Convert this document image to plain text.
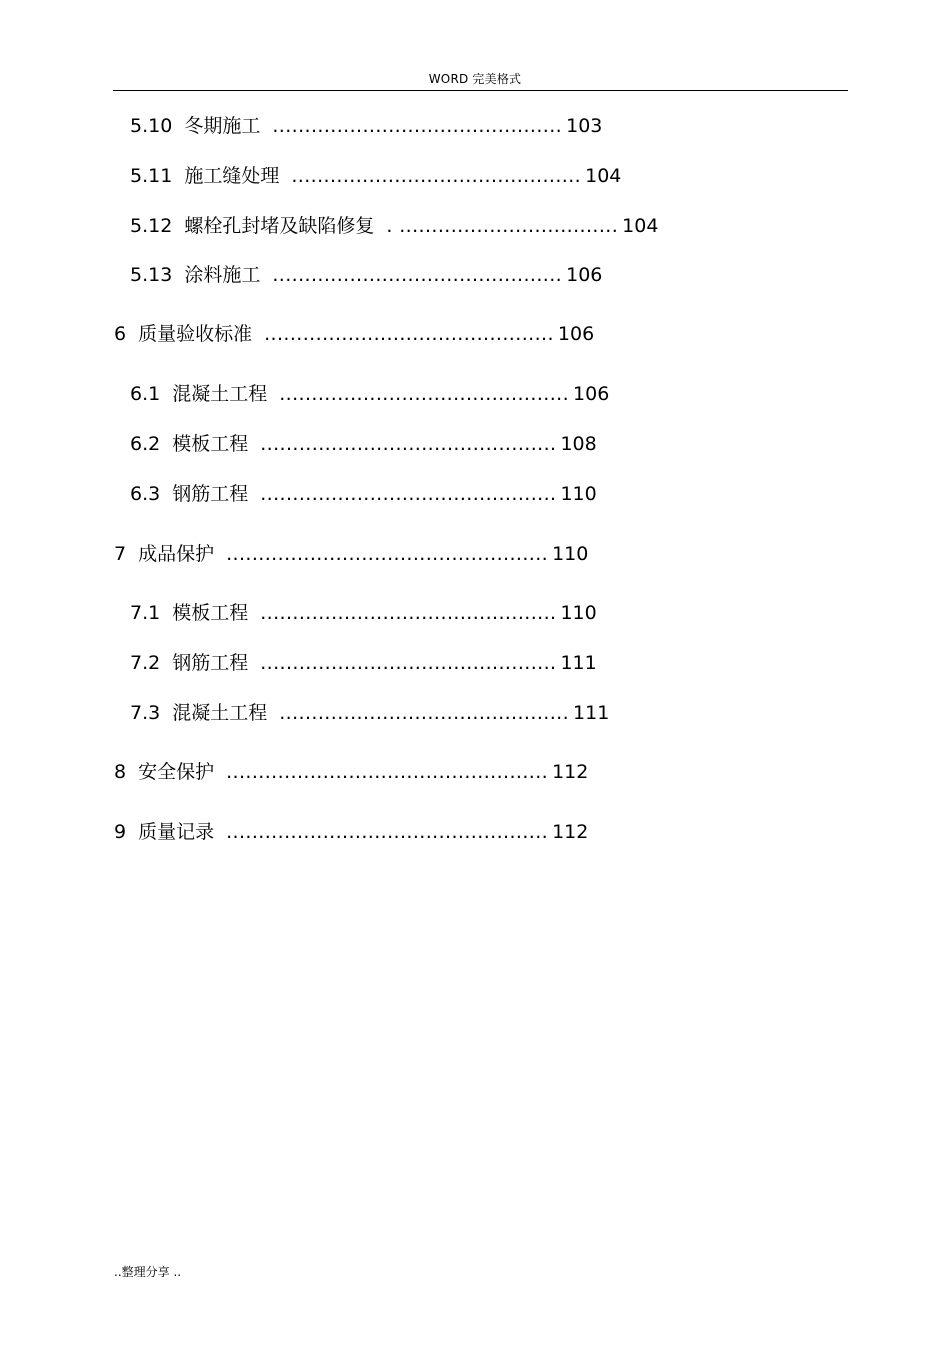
WORD 完美格式
5.10 冬期施工 ............................................. 103
5.11 施工缝处理 ............................................. 104
5.12 螺栓孔封堵及缺陷修复 . .................................. 104
5.13 涂料施工 ............................................. 106
6 质量验收标准 ............................................. 106
6.1 混凝土工程 ............................................. 106
6.2 模板工程 .............................................. 108
6.3 钢筋工程 .............................................. 110
7 成品保护 .................................................. 110
7.1 模板工程 .............................................. 110
7.2 钢筋工程 .............................................. 111
7.3 混凝土工程 ............................................. 111
8 安全保护 .................................................. 112
9 质量记录 .................................................. 112
..整理分享 ..
